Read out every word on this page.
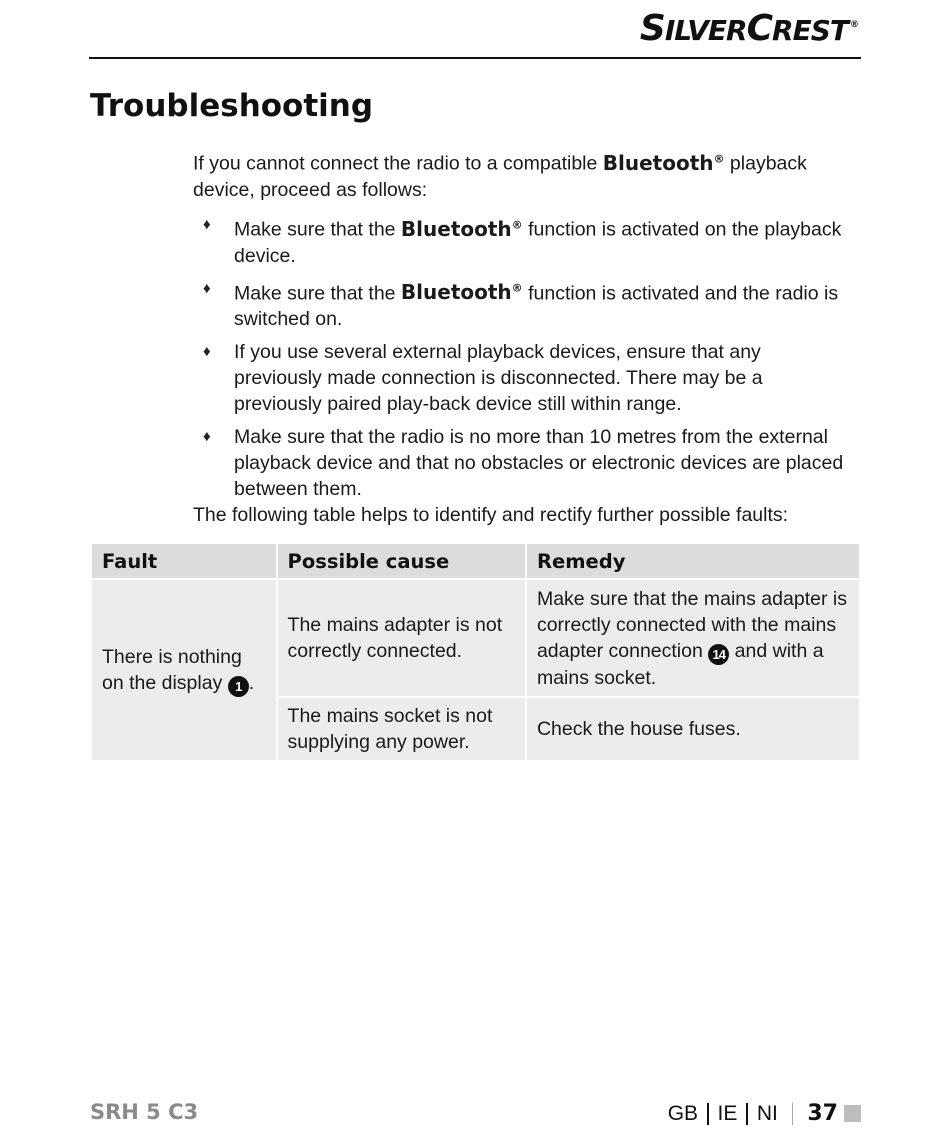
SILVERCREST ®
Troubleshooting

If you cannot connect the radio to a compatible Bluetooth® playback device, proceed as follows:

♦ Make sure that the Bluetooth® function is activated on the playback device.
♦ Make sure that the Bluetooth® function is activated and the radio is switched on.
♦ If you use several external playback devices, ensure that any previously made connection is disconnected. There may be a previously paired play-back device still within range.
♦ Make sure that the radio is no more than 10 metres from the external playback device and that no obstacles or electronic devices are placed between them.

The following table helps to identify and rectify further possible faults:

Fault	Possible cause	Remedy
There is nothing on the display 1 .	The mains adapter is not correctly connected.	Make sure that the mains adapter is correctly connected with the mains adapter connection 14 and with a mains socket.
	The mains socket is not supplying any power.	Check the house fuses.
SRH 5 C3	GB IE NI 37
